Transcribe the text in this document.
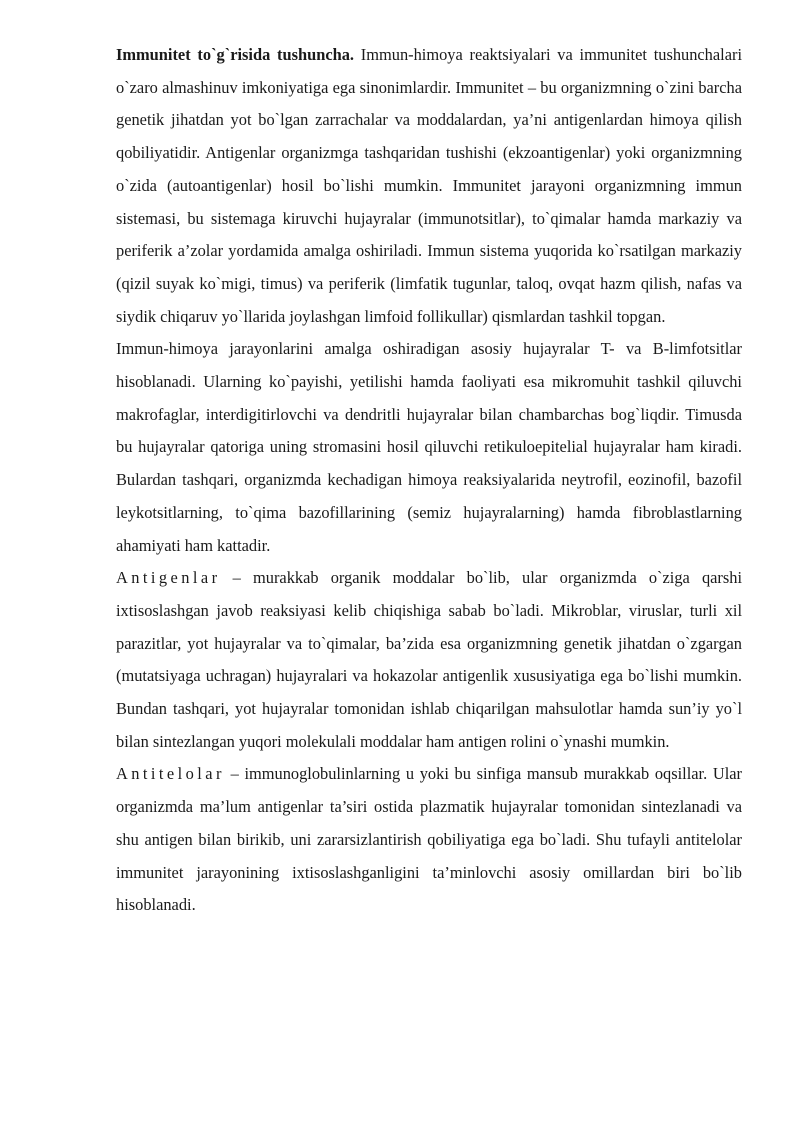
Immunitet to`g`risida tushuncha. Immun-himoya reaktsiyalari va immunitet tushunchalari o`zaro almashinuv imkoniyatiga ega sinonimlardir. Immunitet – bu organizmning o`zini barcha genetik jihatdan yot bo`lgan zarrachalar va moddalardan, ya’ni antigenlardan himoya qilish qobiliyatidir. Antigenlar organizmga tashqaridan tushishi (ekzoantigenlar) yoki organizmning o`zida (autoantigenlar) hosil bo`lishi mumkin. Immunitet jarayoni organizmning immun sistemasi, bu sistemaga kiruvchi hujayralar (immunotsitlar), to`qimalar hamda markaziy va periferik a’zolar yordamida amalga oshiriladi. Immun sistema yuqorida ko`rsatilgan markaziy (qizil suyak ko`migi, timus) va periferik (limfatik tugunlar, taloq, ovqat hazm qilish, nafas va siydik chiqaruv yo`llarida joylashgan limfoid follikullar) qismlardan tashkil topgan.

Immun-himoya jarayonlarini amalga oshiradigan asosiy hujayralar T- va B-limfotsitlar hisoblanadi. Ularning ko`payishi, yetilishi hamda faoliyati esa mikromuhit tashkil qiluvchi makrofaglar, interdigitirlovchi va dendritli hujayralar bilan chambarchas bog`liqdir. Timusda bu hujayralar qatoriga uning stromasini hosil qiluvchi retikuloepitelial hujayralar ham kiradi. Bulardan tashqari, organizmda kechadigan himoya reaksiyalarida neytrofil, eozinofil, bazofil leykotsitlarning, to`qima bazofillarining (semiz hujayralarning) hamda fibroblastlarning ahamiyati ham kattadir.

Antigenlar – murakkab organik moddalar bo`lib, ular organizmda o`ziga qarshi ixtisoslashgan javob reaksiyasi kelib chiqishiga sabab bo`ladi. Mikroblar, viruslar, turli xil parazitlar, yot hujayralar va to`qimalar, ba’zida esa organizmning genetik jihatdan o`zgargan (mutatsiyaga uchragan) hujayralari va hokazolar antigenlik xususiyatiga ega bo`lishi mumkin. Bundan tashqari, yot hujayralar tomonidan ishlab chiqarilgan mahsulotlar hamda sun’iy yo`l bilan sintezlangan yuqori molekulali moddalar ham antigen rolini o`ynashi mumkin.

Antitelolar – immunoglobulinlarning u yoki bu sinfiga mansub murakkab oqsillar. Ular organizmda ma’lum antigenlar ta’siri ostida plazmatik hujayralar tomonidan sintezlanadi va shu antigen bilan birikib, uni zararsizlantirish qobiliyatiga ega bo`ladi. Shu tufayli antitelolar immunitet jarayonining ixtisoslashganligini ta’minlovchi asosiy omillardan biri bo`lib hisoblanadi.
